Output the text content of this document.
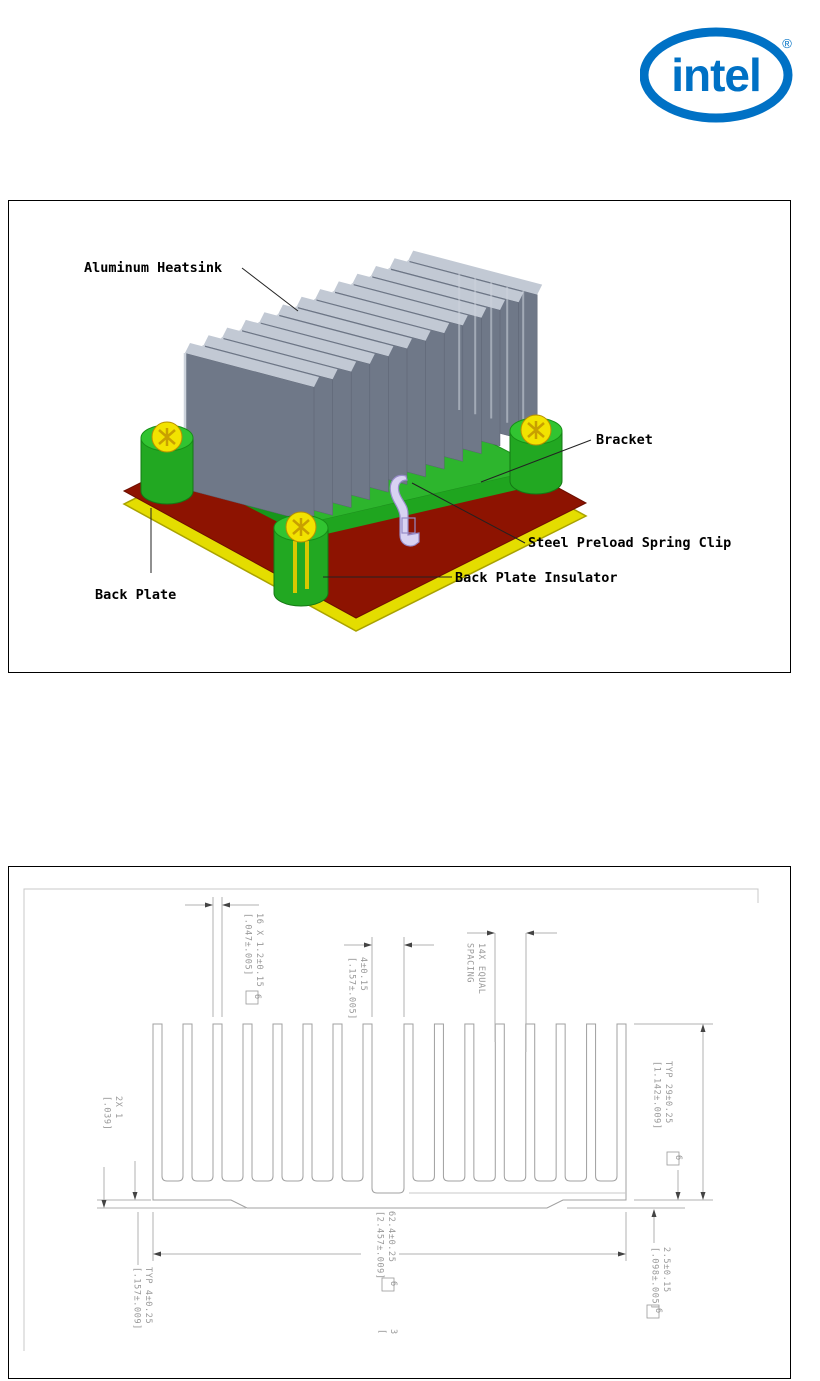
intel
®
Aluminum Heatsink
Bracket
Steel Preload Spring Clip
Back Plate Insulator
Back Plate
16 X 1.2±0.15
[.047±.005]
6
4±0.15
[.157±.005]	14X EQUAL
SPACING
TYP 29±0.25
[1.142±.009]
6
2.5±0.15
[.098±.005]
6
62.4±0.25
[2.457±.009]
6
2X 1
[.039]
TYP 4±0.25
[.157±.009]
3
[
